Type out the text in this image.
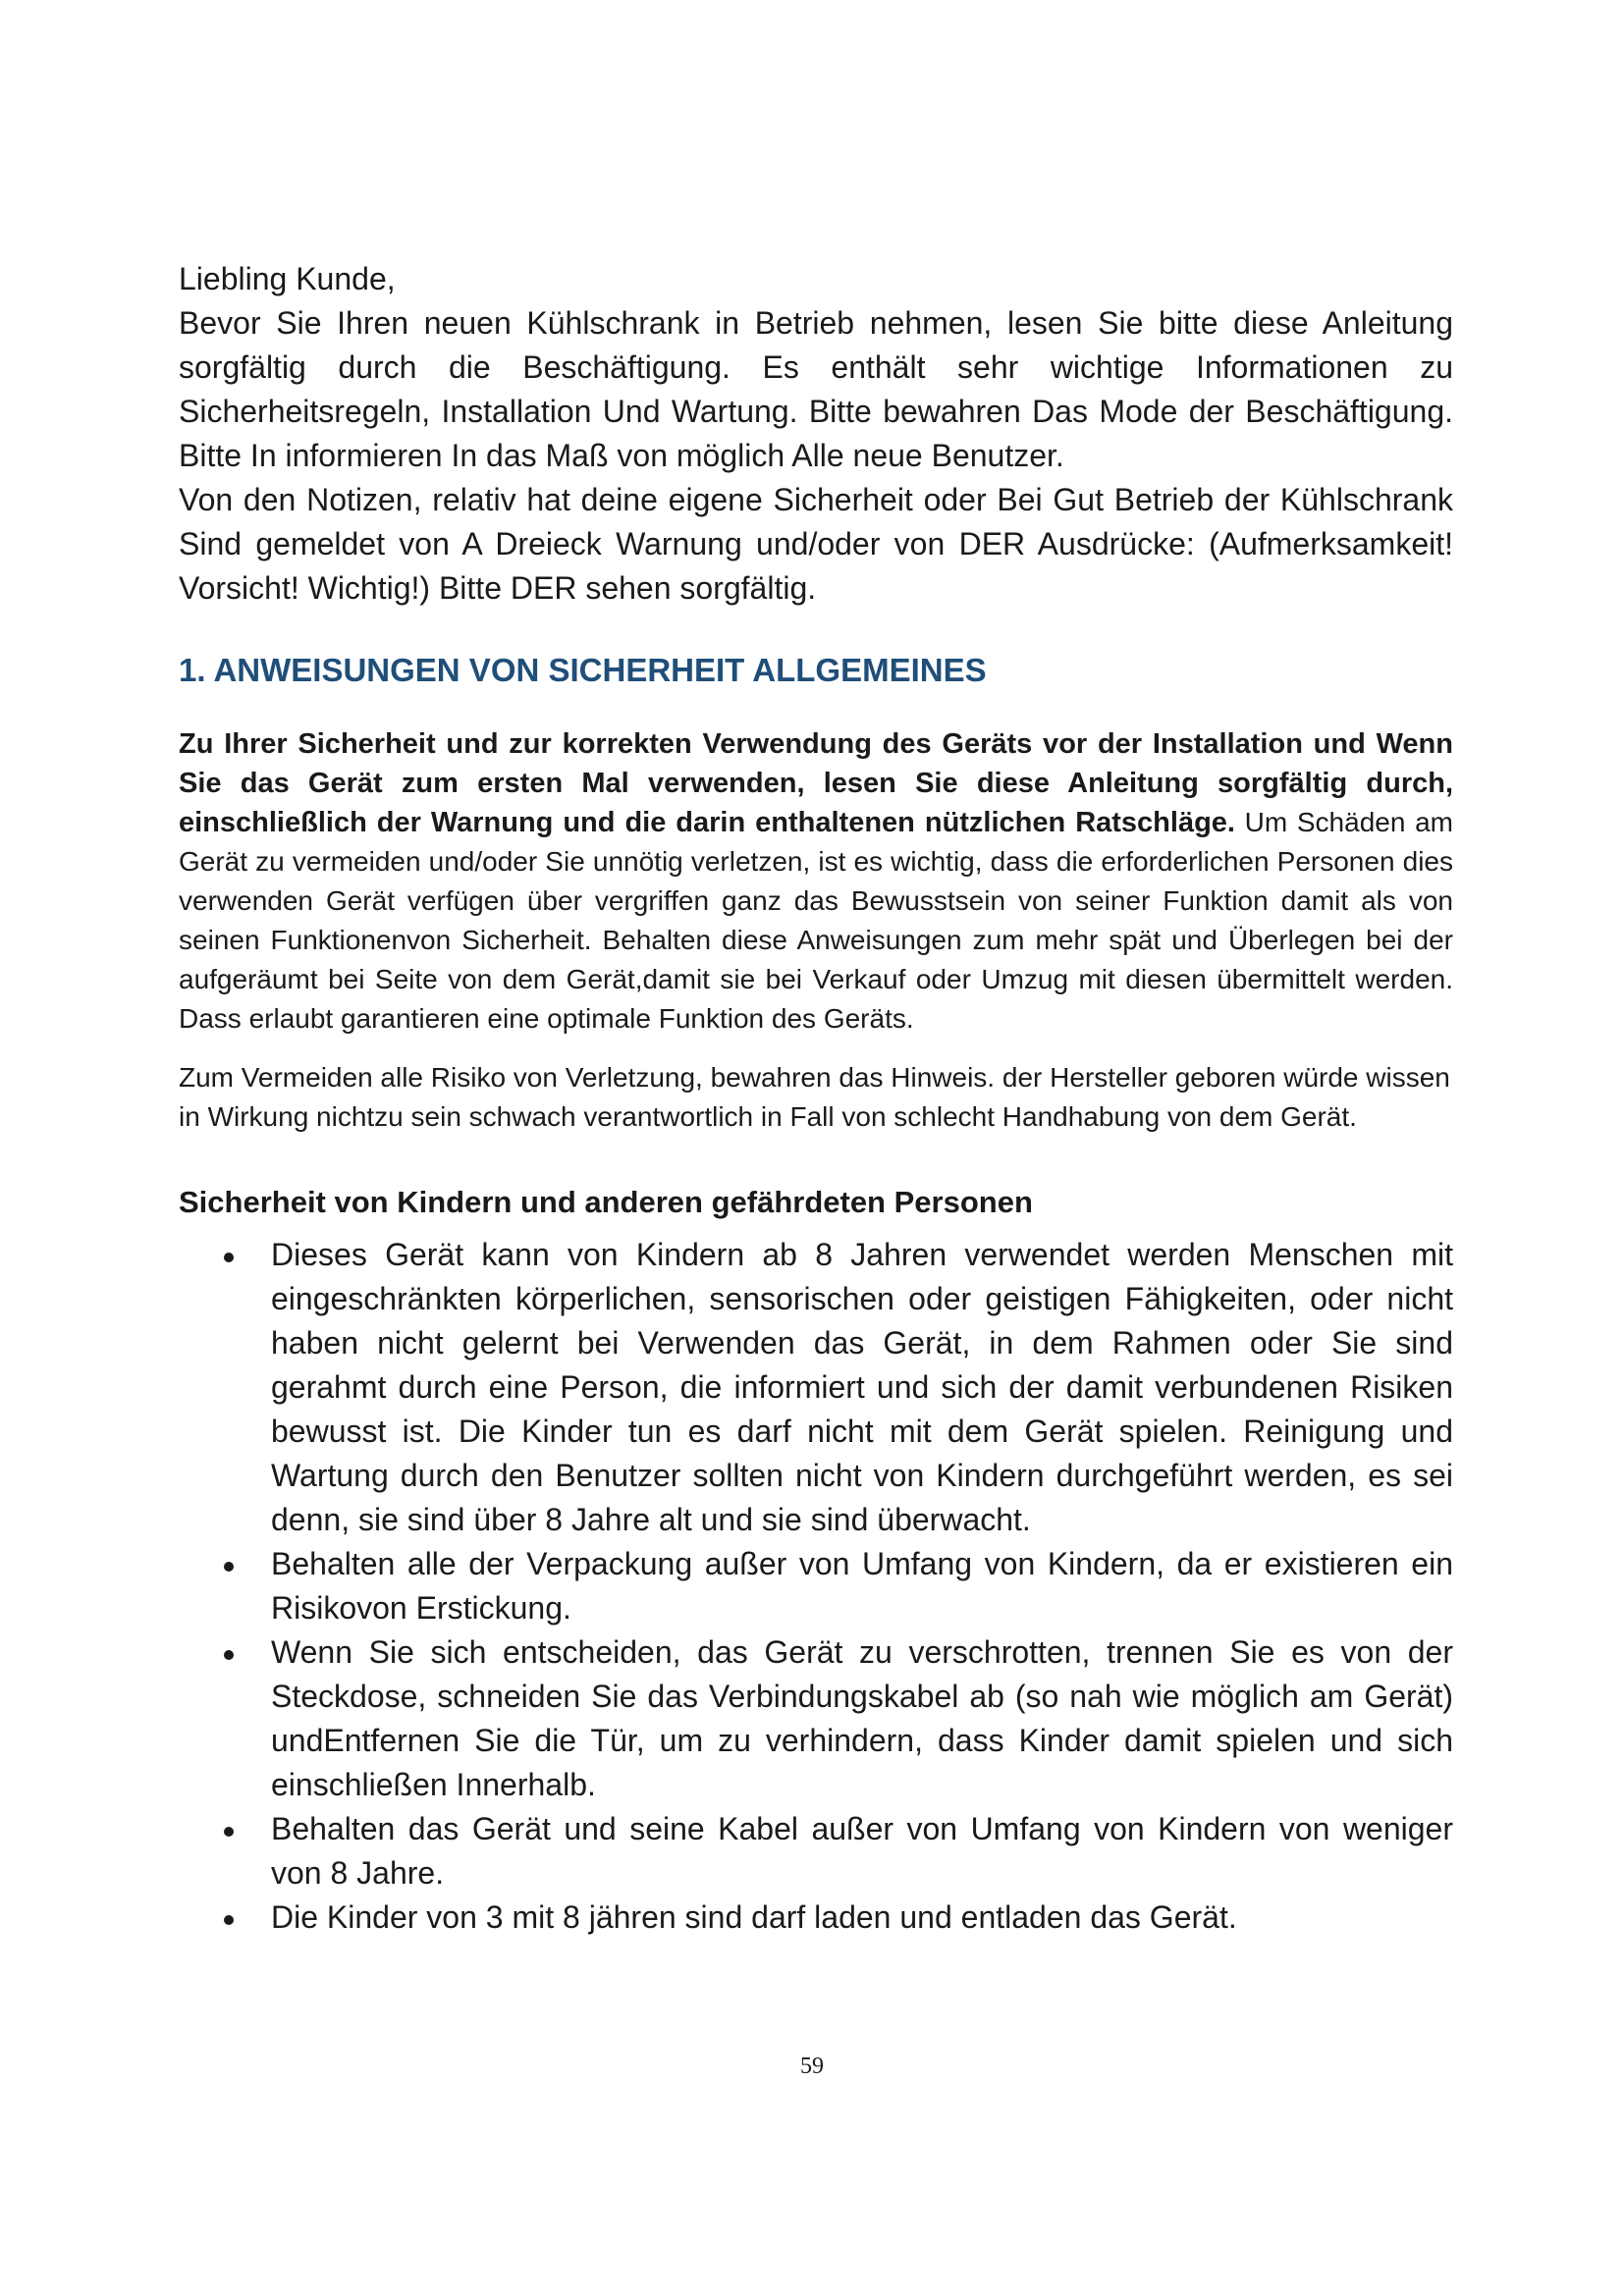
Liebling Kunde,

Bevor Sie Ihren neuen Kühlschrank in Betrieb nehmen, lesen Sie bitte diese Anleitung sorgfältig durch die Beschäftigung. Es enthält sehr wichtige Informationen zu Sicherheitsregeln, Installation Und Wartung. Bitte bewahren Das Mode der Beschäftigung. Bitte In informieren In das Maß von möglich Alle neue Benutzer.

Von den Notizen, relativ hat deine eigene Sicherheit oder Bei Gut Betrieb der Kühlschrank Sind gemeldet von A Dreieck Warnung und/oder von DER Ausdrücke: (Aufmerksamkeit! Vorsicht! Wichtig!) Bitte DER sehen sorgfältig.

1. ANWEISUNGEN VON SICHERHEIT ALLGEMEINES

Zu Ihrer Sicherheit und zur korrekten Verwendung des Geräts vor der Installation und Wenn Sie das Gerät zum ersten Mal verwenden, lesen Sie diese Anleitung sorgfältig durch, einschließlich der Warnung und die darin enthaltenen nützlichen Ratschläge. Um Schäden am Gerät zu vermeiden und/oder Sie unnötig verletzen, ist es wichtig, dass die erforderlichen Personen dies verwenden Gerät verfügen über vergriffen ganz das Bewusstsein von seiner Funktion damit als von seinen Funktionenvon Sicherheit. Behalten diese Anweisungen zum mehr spät und Überlegen bei der aufgeräumt bei Seite von dem Gerät,damit sie bei Verkauf oder Umzug mit diesen übermittelt werden. Dass erlaubt garantieren eine optimale Funktion des Geräts.

Zum Vermeiden alle Risiko von Verletzung, bewahren das Hinweis. der Hersteller geboren würde wissen in Wirkung nichtzu sein schwach verantwortlich in Fall von schlecht Handhabung von dem Gerät.

Sicherheit von Kindern und anderen gefährdeten Personen
Dieses Gerät kann von Kindern ab 8 Jahren verwendet werden Menschen mit eingeschränkten körperlichen, sensorischen oder geistigen Fähigkeiten, oder nicht haben nicht gelernt bei Verwenden das Gerät, in dem Rahmen oder Sie sind gerahmt durch eine Person, die informiert und sich der damit verbundenen Risiken bewusst ist. Die Kinder tun es darf nicht mit dem Gerät spielen. Reinigung und Wartung durch den Benutzer sollten nicht von Kindern durchgeführt werden, es sei denn, sie sind über 8 Jahre alt und sie sind überwacht.
Behalten alle der Verpackung außer von Umfang von Kindern, da er existieren ein Risikovon Erstickung.
Wenn Sie sich entscheiden, das Gerät zu verschrotten, trennen Sie es von der Steckdose, schneiden Sie das Verbindungskabel ab (so nah wie möglich am Gerät) undEntfernen Sie die Tür, um zu verhindern, dass Kinder damit spielen und sich einschließen Innerhalb.
Behalten das Gerät und seine Kabel außer von Umfang von Kindern von weniger von 8 Jahre.
Die Kinder von 3 mit 8 jähren sind darf laden und entladen das Gerät.
59
